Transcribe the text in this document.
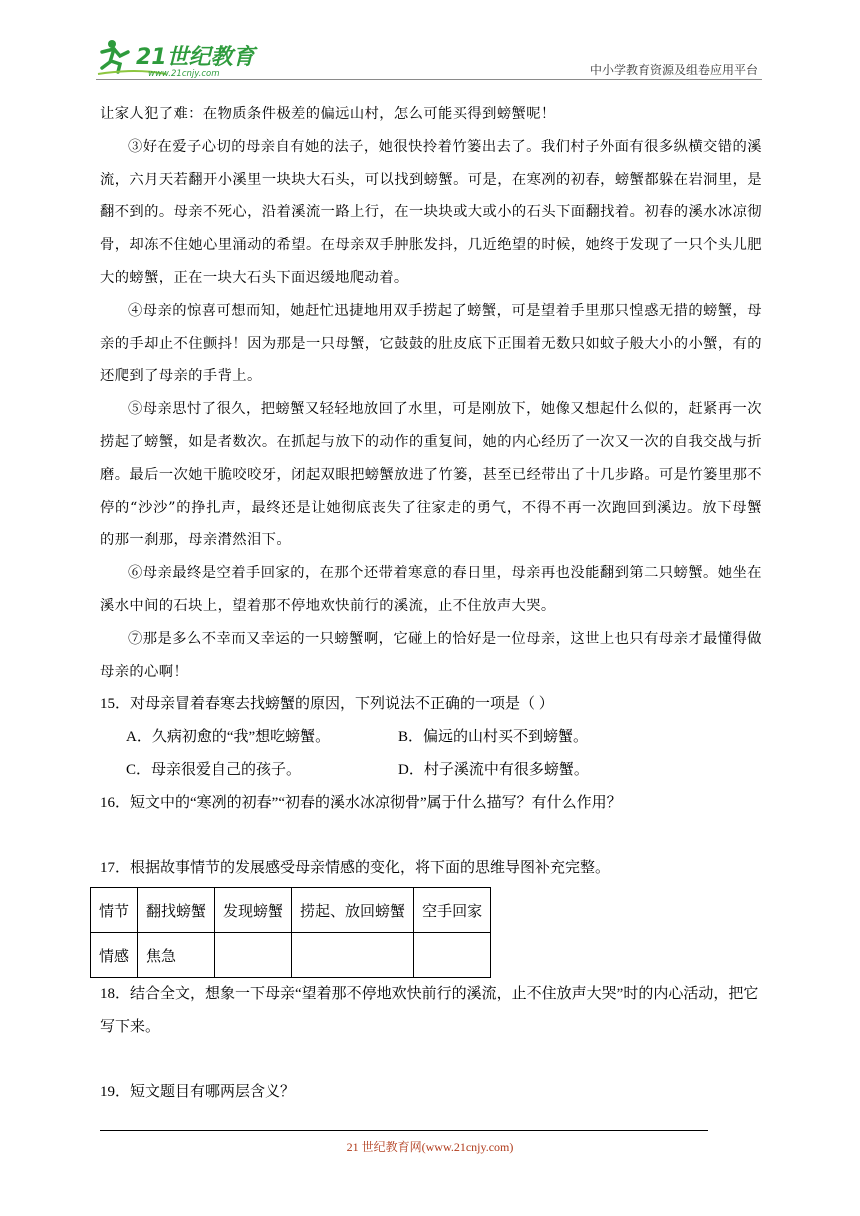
21世纪教育
www.21cnjy.com	中小学教育资源及组卷应用平台

让家人犯了难：在物质条件极差的偏远山村，怎么可能买得到螃蟹呢！

③好在爱子心切的母亲自有她的法子，她很快拎着竹篓出去了。我们村子外面有很多纵横交错的溪流，六月天若翻开小溪里一块块大石头，可以找到螃蟹。可是，在寒冽的初春，螃蟹都躲在岩洞里，是翻不到的。母亲不死心，沿着溪流一路上行，在一块块或大或小的石头下面翻找着。初春的溪水冰凉彻骨，却冻不住她心里涌动的希望。在母亲双手肿胀发抖，几近绝望的时候，她终于发现了一只个头儿肥大的螃蟹，正在一块大石头下面迟缓地爬动着。

④母亲的惊喜可想而知，她赶忙迅捷地用双手捞起了螃蟹，可是望着手里那只惶惑无措的螃蟹，母亲的手却止不住颤抖！因为那是一只母蟹，它鼓鼓的肚皮底下正围着无数只如蚊子般大小的小蟹，有的还爬到了母亲的手背上。

⑤母亲思忖了很久，把螃蟹又轻轻地放回了水里，可是刚放下，她像又想起什么似的，赶紧再一次捞起了螃蟹，如是者数次。在抓起与放下的动作的重复间，她的内心经历了一次又一次的自我交战与折磨。最后一次她干脆咬咬牙，闭起双眼把螃蟹放进了竹篓，甚至已经带出了十几步路。可是竹篓里那不停的“沙沙”的挣扎声，最终还是让她彻底丧失了往家走的勇气，不得不再一次跑回到溪边。放下母蟹的那一刹那，母亲潸然泪下。

⑥母亲最终是空着手回家的，在那个还带着寒意的春日里，母亲再也没能翻到第二只螃蟹。她坐在溪水中间的石块上，望着那不停地欢快前行的溪流，止不住放声大哭。

⑦那是多么不幸而又幸运的一只螃蟹啊，它碰上的恰好是一位母亲，这世上也只有母亲才最懂得做母亲的心啊！

15．对母亲冒着春寒去找螃蟹的原因，下列说法不正确的一项是（ ）
A．久病初愈的“我”想吃螃蟹。	B．偏远的山村买不到螃蟹。
C．母亲很爱自己的孩子。	D．村子溪流中有很多螃蟹。
16．短文中的“寒冽的初春”“初春的溪水冰凉彻骨”属于什么描写？有什么作用？
17．根据故事情节的发展感受母亲情感的变化，将下面的思维导图补充完整。
情节	翻找螃蟹	发现螃蟹	捞起、放回螃蟹	空手回家
情感	焦急			
18．结合全文，想象一下母亲“望着那不停地欢快前行的溪流，止不住放声大哭”时的内心活动，把它写下来。
19．短文题目有哪两层含义？
21 世纪教育网(www.21cnjy.com)
